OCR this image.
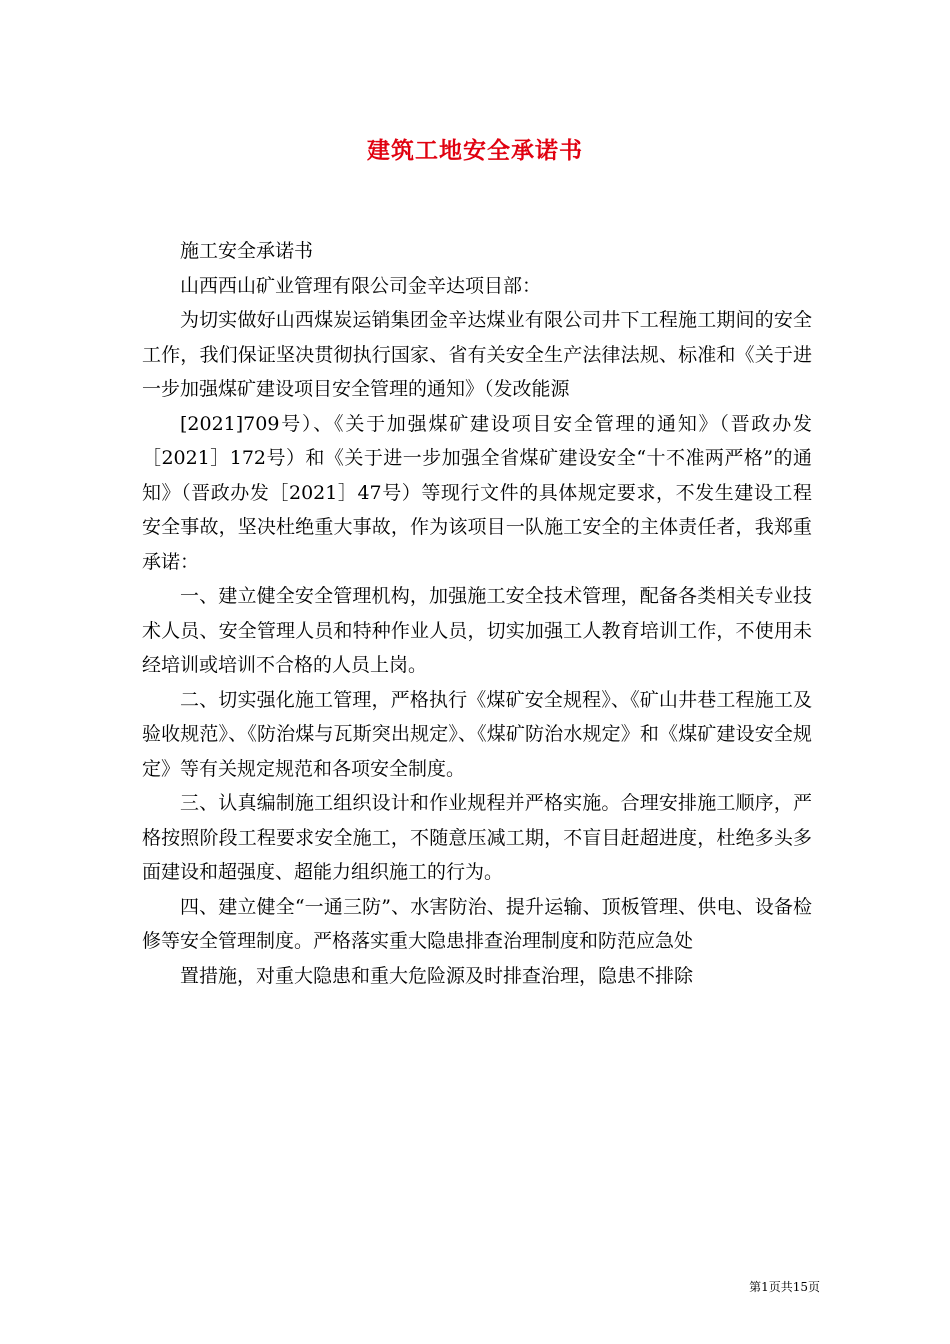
建筑工地安全承诺书

施工安全承诺书

山西西山矿业管理有限公司金辛达项目部：

为切实做好山西煤炭运销集团金辛达煤业有限公司井下工程施工期间的安全工作，我们保证坚决贯彻执行国家、省有关安全生产法律法规、标准和《关于进一步加强煤矿建设项目安全管理的通知》（发改能源

[2021]709号）、《关于加强煤矿建设项目安全管理的通知》（晋政办发［2021］172号）和《关于进一步加强全省煤矿建设安全“十不准两严格”的通知》（晋政办发［2021］47号）等现行文件的具体规定要求，不发生建设工程安全事故，坚决杜绝重大事故，作为该项目一队施工安全的主体责任者，我郑重承诺：

一、建立健全安全管理机构，加强施工安全技术管理，配备各类相关专业技术人员、安全管理人员和特种作业人员，切实加强工人教育培训工作，不使用未经培训或培训不合格的人员上岗。

二、切实强化施工管理，严格执行《煤矿安全规程》、《矿山井巷工程施工及验收规范》、《防治煤与瓦斯突出规定》、《煤矿防治水规定》和《煤矿建设安全规定》等有关规定规范和各项安全制度。

三、认真编制施工组织设计和作业规程并严格实施。合理安排施工顺序，严格按照阶段工程要求安全施工，不随意压减工期，不盲目赶超进度，杜绝多头多面建设和超强度、超能力组织施工的行为。

四、建立健全“一通三防”、水害防治、提升运输、顶板管理、供电、设备检修等安全管理制度。严格落实重大隐患排查治理制度和防范应急处

置措施，对重大隐患和重大危险源及时排查治理，隐患不排除

第1页共15页
